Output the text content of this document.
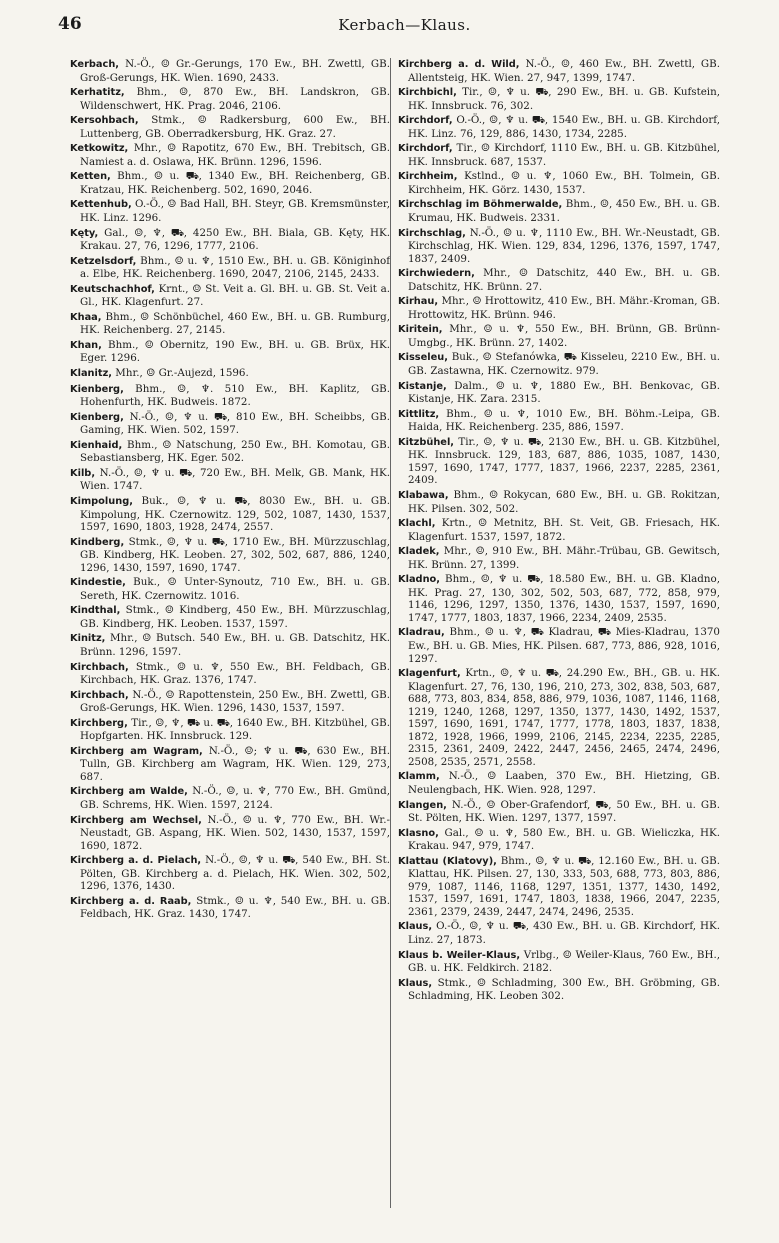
46	Kerbach—Klaus.
Kerbach, N.-Ö., ☺ Gr.-Gerungs, 170 Ew., BH. Zwettl, GB. Groß-Gerungs, HK. Wien. 1690, 2433.
Kerhatitz, Bhm., ☺, 870 Ew., BH. Landskron, GB. Wildenschwert, HK. Prag. 2046, 2106.
Kersohbach, Stmk., ☺ Radkersburg, 600 Ew., BH. Luttenberg, GB. Oberradkersburg, HK. Graz. 27.
Ketkowitz, Mhr., ☺ Rapotitz, 670 Ew., BH. Trebitsch, GB. Namiest a. d. Oslawa, HK. Brünn. 1296, 1596.
Ketten, Bhm., ☺ u. ⛟, 1340 Ew., BH. Reichenberg, GB. Kratzau, HK. Reichenberg. 502, 1690, 2046.
Kettenhub, O.-Ö., ☺ Bad Hall, BH. Steyr, GB. Kremsmünster, HK. Linz. 1296.
Kęty, Gal., ☺, ♆, ⛟, 4250 Ew., BH. Biala, GB. Kęty, HK. Krakau. 27, 76, 1296, 1777, 2106.
Ketzelsdorf, Bhm., ☺ u. ♆, 1510 Ew., BH. u. GB. Königinhof a. Elbe, HK. Reichenberg. 1690, 2047, 2106, 2145, 2433.
Keutschachhof, Krnt., ☺ St. Veit a. Gl. BH. u. GB. St. Veit a. Gl., HK. Klagenfurt. 27.
Khaa, Bhm., ☺ Schönbüchel, 460 Ew., BH. u. GB. Rumburg, HK. Reichenberg. 27, 2145.
Khan, Bhm., ☺ Obernitz, 190 Ew., BH. u. GB. Brüx, HK. Eger. 1296.
Klanitz, Mhr., ☺ Gr.-Aujezd, 1596.
Kienberg, Bhm., ☺, ♆. 510 Ew., BH. Kaplitz, GB. Hohenfurth, HK. Budweis. 1872.
Kienberg, N.-Ö., ☺, ♆ u. ⛟, 810 Ew., BH. Scheibbs, GB. Gaming, HK. Wien. 502, 1597.
Kienhaid, Bhm., ☺ Natschung, 250 Ew., BH. Komotau, GB. Sebastiansberg, HK. Eger. 502.
Kilb, N.-Ö., ☺, ♆ u. ⛟, 720 Ew., BH. Melk, GB. Mank, HK. Wien. 1747.
Kimpolung, Buk., ☺, ♆ u. ⛟, 8030 Ew., BH. u. GB. Kimpolung, HK. Czernowitz. 129, 502, 1087, 1430, 1537, 1597, 1690, 1803, 1928, 2474, 2557.
Kindberg, Stmk., ☺, ♆ u. ⛟, 1710 Ew., BH. Mürzzuschlag, GB. Kindberg, HK. Leoben. 27, 302, 502, 687, 886, 1240, 1296, 1430, 1597, 1690, 1747.
Kindestie, Buk., ☺ Unter-Synoutz, 710 Ew., BH. u. GB. Sereth, HK. Czernowitz. 1016.
Kindthal, Stmk., ☺ Kindberg, 450 Ew., BH. Mürzzuschlag, GB. Kindberg, HK. Leoben. 1537, 1597.
Kinitz, Mhr., ☺ Butsch. 540 Ew., BH. u. GB. Datschitz, HK. Brünn. 1296, 1597.
Kirchbach, Stmk., ☺ u. ♆, 550 Ew., BH. Feldbach, GB. Kirchbach, HK. Graz. 1376, 1747.
Kirchbach, N.-Ö., ☺ Rapottenstein, 250 Ew., BH. Zwettl, GB. Groß-Gerungs, HK. Wien. 1296, 1430, 1537, 1597.
Kirchberg, Tir., ☺, ♆, ⛟ u. ⛟, 1640 Ew., BH. Kitzbühel, GB. Hopfgarten. HK. Innsbruck. 129.
Kirchberg am Wagram, N.-Ö., ☺; ♆ u. ⛟, 630 Ew., BH. Tulln, GB. Kirchberg am Wagram, HK. Wien. 129, 273, 687.
Kirchberg am Walde, N.-Ö., ☺, u. ♆, 770 Ew., BH. Gmünd, GB. Schrems, HK. Wien. 1597, 2124.
Kirchberg am Wechsel, N.-Ö., ☺ u. ♆, 770 Ew., BH. Wr.-Neustadt, GB. Aspang, HK. Wien. 502, 1430, 1537, 1597, 1690, 1872.
Kirchberg a. d. Pielach, N.-Ö., ☺, ♆ u. ⛟, 540 Ew., BH. St. Pölten, GB. Kirchberg a. d. Pielach, HK. Wien. 302, 502, 1296, 1376, 1430.
Kirchberg a. d. Raab, Stmk., ☺ u. ♆, 540 Ew., BH. u. GB. Feldbach, HK. Graz. 1430, 1747.
Kirchberg a. d. Wild, N.-Ö., ☺, 460 Ew., BH. Zwettl, GB. Allentsteig, HK. Wien. 27, 947, 1399, 1747.
Kirchbichl, Tir., ☺, ♆ u. ⛟, 290 Ew., BH. u. GB. Kufstein, HK. Innsbruck. 76, 302.
Kirchdorf, O.-Ö., ☺, ♆ u. ⛟, 1540 Ew., BH. u. GB. Kirchdorf, HK. Linz. 76, 129, 886, 1430, 1734, 2285.
Kirchdorf, Tir., ☺ Kirchdorf, 1110 Ew., BH. u. GB. Kitzbühel, HK. Innsbruck. 687, 1537.
Kirchheim, Kstlnd., ☺ u. ♆, 1060 Ew., BH. Tolmein, GB. Kirchheim, HK. Görz. 1430, 1537.
Kirchschlag im Böhmerwalde, Bhm., ☺, 450 Ew., BH. u. GB. Krumau, HK. Budweis. 2331.
Kirchschlag, N.-Ö., ☺ u. ♆, 1110 Ew., BH. Wr.-Neustadt, GB. Kirchschlag, HK. Wien. 129, 834, 1296, 1376, 1597, 1747, 1837, 2409.
Kirchwiedern, Mhr., ☺ Datschitz, 440 Ew., BH. u. GB. Datschitz, HK. Brünn. 27.
Kirhau, Mhr., ☺ Hrottowitz, 410 Ew., BH. Mähr.-Kroman, GB. Hrottowitz, HK. Brünn. 946.
Kiritein, Mhr., ☺ u. ♆, 550 Ew., BH. Brünn, GB. Brünn-Umgbg., HK. Brünn. 27, 1402.
Kisseleu, Buk., ☺ Stefanówka, ⛟ Kisseleu, 2210 Ew., BH. u. GB. Zastawna, HK. Czernowitz. 979.
Kistanje, Dalm., ☺ u. ♆, 1880 Ew., BH. Benkovac, GB. Kistanje, HK. Zara. 2315.
Kittlitz, Bhm., ☺ u. ♆, 1010 Ew., BH. Böhm.-Leipa, GB. Haida, HK. Reichenberg. 235, 886, 1597.
Kitzbühel, Tir., ☺, ♆ u. ⛟, 2130 Ew., BH. u. GB. Kitzbühel, HK. Innsbruck. 129, 183, 687, 886, 1035, 1087, 1430, 1597, 1690, 1747, 1777, 1837, 1966, 2237, 2285, 2361, 2409.
Klabawa, Bhm., ☺ Rokycan, 680 Ew., BH. u. GB. Rokitzan, HK. Pilsen. 302, 502.
Klachl, Krtn., ☺ Metnitz, BH. St. Veit, GB. Friesach, HK. Klagenfurt. 1537, 1597, 1872.
Kladek, Mhr., ☺, 910 Ew., BH. Mähr.-Trübau, GB. Gewitsch, HK. Brünn. 27, 1399.
Kladno, Bhm., ☺, ♆ u. ⛟, 18.580 Ew., BH. u. GB. Kladno, HK. Prag. 27, 130, 302, 502, 503, 687, 772, 858, 979, 1146, 1296, 1297, 1350, 1376, 1430, 1537, 1597, 1690, 1747, 1777, 1803, 1837, 1966, 2234, 2409, 2535.
Kladrau, Bhm., ☺ u. ♆, ⛟ Kladrau, ⛟ Mies-Kladrau, 1370 Ew., BH. u. GB. Mies, HK. Pilsen. 687, 773, 886, 928, 1016, 1297.
Klagenfurt, Krtn., ☺, ♆ u. ⛟, 24.290 Ew., BH., GB. u. HK. Klagenfurt. 27, 76, 130, 196, 210, 273, 302, 838, 503, 687, 688, 773, 803, 834, 858, 886, 979, 1036, 1087, 1146, 1168, 1219, 1240, 1268, 1297, 1350, 1377, 1430, 1492, 1537, 1597, 1690, 1691, 1747, 1777, 1778, 1803, 1837, 1838, 1872, 1928, 1966, 1999, 2106, 2145, 2234, 2235, 2285, 2315, 2361, 2409, 2422, 2447, 2456, 2465, 2474, 2496, 2508, 2535, 2571, 2558.
Klamm, N.-Ö., ☺ Laaben, 370 Ew., BH. Hietzing, GB. Neulengbach, HK. Wien. 928, 1297.
Klangen, N.-Ö., ☺ Ober-Grafendorf, ⛟, 50 Ew., BH. u. GB. St. Pölten, HK. Wien. 1297, 1377, 1597.
Klasno, Gal., ☺ u. ♆, 580 Ew., BH. u. GB. Wieliczka, HK. Krakau. 947, 979, 1747.
Klattau (Klatovy), Bhm., ☺, ♆ u. ⛟, 12.160 Ew., BH. u. GB. Klattau, HK. Pilsen. 27, 130, 333, 503, 688, 773, 803, 886, 979, 1087, 1146, 1168, 1297, 1351, 1377, 1430, 1492, 1537, 1597, 1691, 1747, 1803, 1838, 1966, 2047, 2235, 2361, 2379, 2439, 2447, 2474, 2496, 2535.
Klaus, O.-Ö., ☺, ♆ u. ⛟, 430 Ew., BH. u. GB. Kirchdorf, HK. Linz. 27, 1873.
Klaus b. Weiler-Klaus, Vrlbg., ☺ Weiler-Klaus, 760 Ew., BH., GB. u. HK. Feldkirch. 2182.
Klaus, Stmk., ☺ Schladming, 300 Ew., BH. Gröbming, GB. Schladming, HK. Leoben 302.
